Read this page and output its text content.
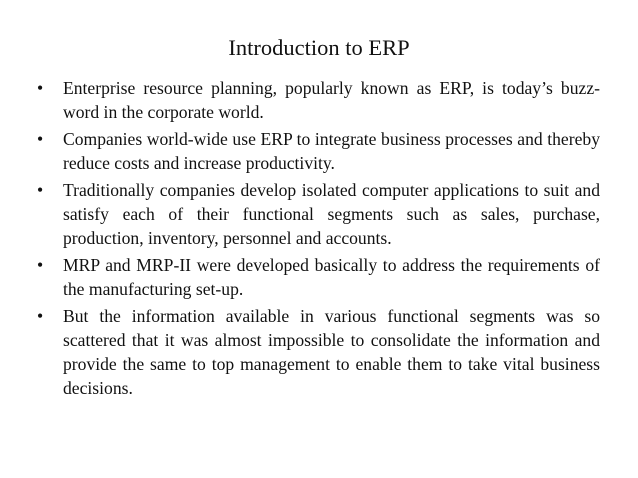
Introduction to ERP
• Enterprise resource planning, popularly known as ERP, is today’s buzz-word in the corporate world.
• Companies world-wide use ERP to integrate business processes and thereby reduce costs and increase productivity.
• Traditionally companies develop isolated computer applications to suit and satisfy each of their functional segments such as sales, purchase, production, inventory, personnel and accounts.
• MRP and MRP-II were developed basically to address the requirements of the manufacturing set-up.
• But the information available in various functional segments was so scattered that it was almost impossible to consolidate the information and provide the same to top management to enable them to take vital business decisions.
